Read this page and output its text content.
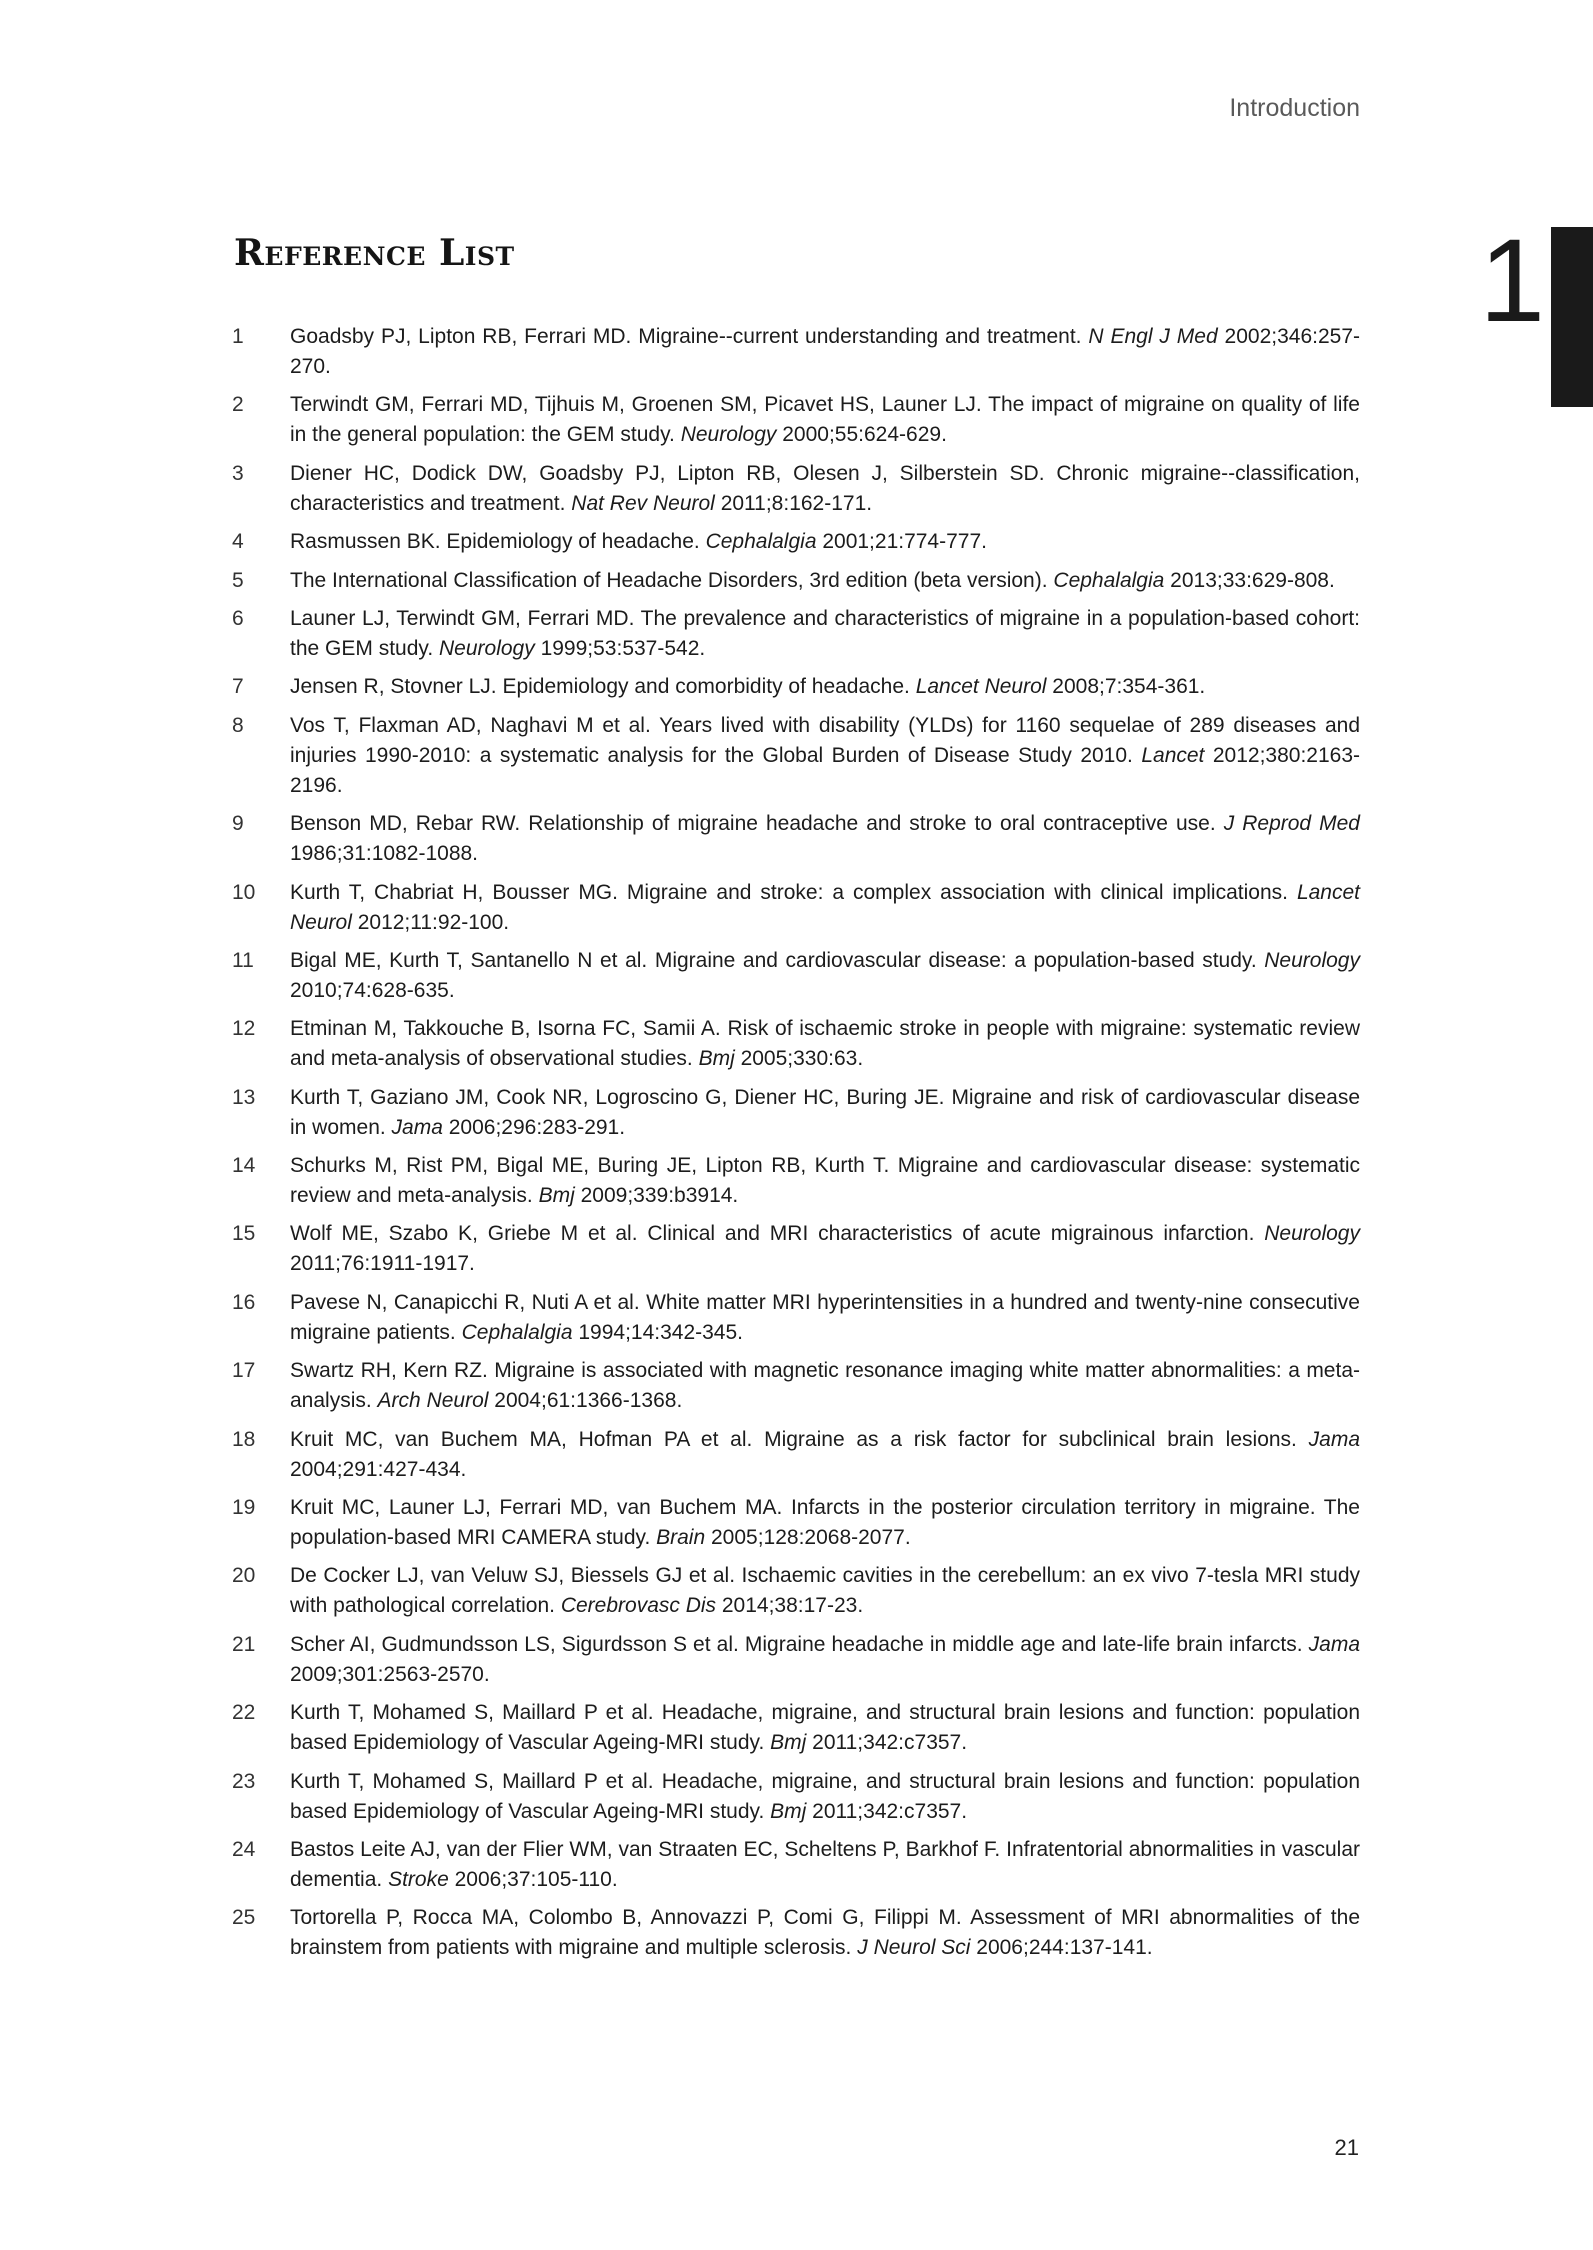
Introduction
1
Reference List
1	Goadsby PJ, Lipton RB, Ferrari MD. Migraine--current understanding and treatment. N Engl J Med 2002;346:257-270.
2	Terwindt GM, Ferrari MD, Tijhuis M, Groenen SM, Picavet HS, Launer LJ. The impact of migraine on quality of life in the general population: the GEM study. Neurology 2000;55:624-629.
3	Diener HC, Dodick DW, Goadsby PJ, Lipton RB, Olesen J, Silberstein SD. Chronic migraine--classification, characteristics and treatment. Nat Rev Neurol 2011;8:162-171.
4	Rasmussen BK. Epidemiology of headache. Cephalalgia 2001;21:774-777.
5	The International Classification of Headache Disorders, 3rd edition (beta version). Cephalalgia 2013;33:629-808.
6	Launer LJ, Terwindt GM, Ferrari MD. The prevalence and characteristics of migraine in a population-based cohort: the GEM study. Neurology 1999;53:537-542.
7	Jensen R, Stovner LJ. Epidemiology and comorbidity of headache. Lancet Neurol 2008;7:354-361.
8	Vos T, Flaxman AD, Naghavi M et al. Years lived with disability (YLDs) for 1160 sequelae of 289 diseases and injuries 1990-2010: a systematic analysis for the Global Burden of Disease Study 2010. Lancet 2012;380:2163-2196.
9	Benson MD, Rebar RW. Relationship of migraine headache and stroke to oral contraceptive use. J Reprod Med 1986;31:1082-1088.
10	Kurth T, Chabriat H, Bousser MG. Migraine and stroke: a complex association with clinical implications. Lancet Neurol 2012;11:92-100.
11	Bigal ME, Kurth T, Santanello N et al. Migraine and cardiovascular disease: a population-based study. Neurology 2010;74:628-635.
12	Etminan M, Takkouche B, Isorna FC, Samii A. Risk of ischaemic stroke in people with migraine: systematic review and meta-analysis of observational studies. Bmj 2005;330:63.
13	Kurth T, Gaziano JM, Cook NR, Logroscino G, Diener HC, Buring JE. Migraine and risk of cardiovascular disease in women. Jama 2006;296:283-291.
14	Schurks M, Rist PM, Bigal ME, Buring JE, Lipton RB, Kurth T. Migraine and cardiovascular disease: systematic review and meta-analysis. Bmj 2009;339:b3914.
15	Wolf ME, Szabo K, Griebe M et al. Clinical and MRI characteristics of acute migrainous infarction. Neurology 2011;76:1911-1917.
16	Pavese N, Canapicchi R, Nuti A et al. White matter MRI hyperintensities in a hundred and twenty-nine consecutive migraine patients. Cephalalgia 1994;14:342-345.
17	Swartz RH, Kern RZ. Migraine is associated with magnetic resonance imaging white matter abnormalities: a meta-analysis. Arch Neurol 2004;61:1366-1368.
18	Kruit MC, van Buchem MA, Hofman PA et al. Migraine as a risk factor for subclinical brain lesions. Jama 2004;291:427-434.
19	Kruit MC, Launer LJ, Ferrari MD, van Buchem MA. Infarcts in the posterior circulation territory in migraine. The population-based MRI CAMERA study. Brain 2005;128:2068-2077.
20	De Cocker LJ, van Veluw SJ, Biessels GJ et al. Ischaemic cavities in the cerebellum: an ex vivo 7-tesla MRI study with pathological correlation. Cerebrovasc Dis 2014;38:17-23.
21	Scher AI, Gudmundsson LS, Sigurdsson S et al. Migraine headache in middle age and late-life brain infarcts. Jama 2009;301:2563-2570.
22	Kurth T, Mohamed S, Maillard P et al. Headache, migraine, and structural brain lesions and function: population based Epidemiology of Vascular Ageing-MRI study. Bmj 2011;342:c7357.
23	Kurth T, Mohamed S, Maillard P et al. Headache, migraine, and structural brain lesions and function: population based Epidemiology of Vascular Ageing-MRI study. Bmj 2011;342:c7357.
24	Bastos Leite AJ, van der Flier WM, van Straaten EC, Scheltens P, Barkhof F. Infratentorial abnormalities in vascular dementia. Stroke 2006;37:105-110.
25	Tortorella P, Rocca MA, Colombo B, Annovazzi P, Comi G, Filippi M. Assessment of MRI abnormalities of the brainstem from patients with migraine and multiple sclerosis. J Neurol Sci 2006;244:137-141.
21
